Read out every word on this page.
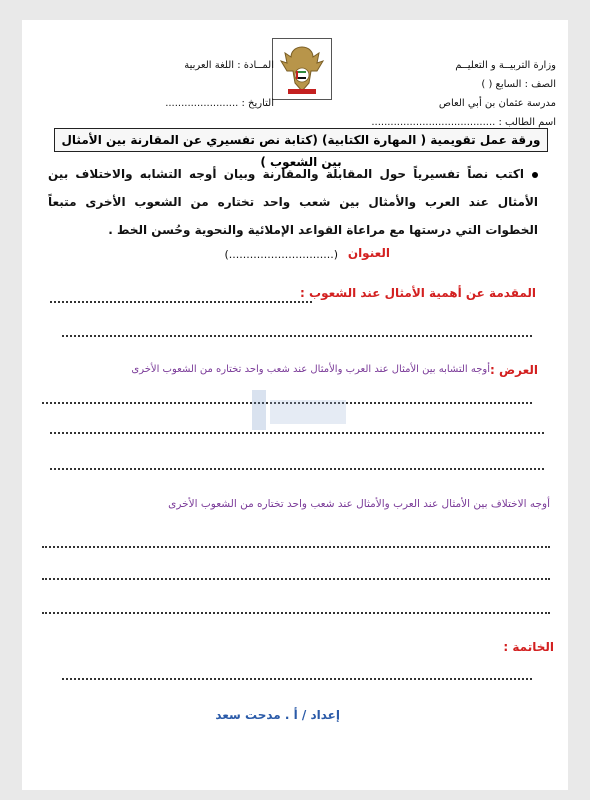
وزارة التربيــة و التعليــم
الصف : السابع ( )
مدرسة عثمان بن أبي العاص
اسم الطالب : .......................................
المــادة : اللغة العربية
التاريخ : .......................
ورقة عمل تقويمية ( المهارة الكتابية) (كتابة نص تفسيري عن المقارنة بين الأمثال بين الشعوب )
اكتب نصاً تفسيرياً حول المقابلة والمقارنة وبيان أوجه التشابه والاختلاف بين الأمثال عند العرب والأمثال بين شعب واحد تختاره من الشعوب الأخرى متبعاً الخطوات التي درستها مع مراعاة القواعد الإملائية والنحوية وحُسن الخط .
العنوان
(..............................)
المقدمة عن أهمية الأمثال عند الشعوب :
العرض :
أوجه التشابه بين الأمثال عند العرب والأمثال عند شعب واحد تختاره من الشعوب الأخرى
أوجه الاختلاف بين الأمثال عند العرب والأمثال عند شعب واحد تختاره من الشعوب الأخرى
الخاتمة :
إعداد / أ . مدحت سعد
